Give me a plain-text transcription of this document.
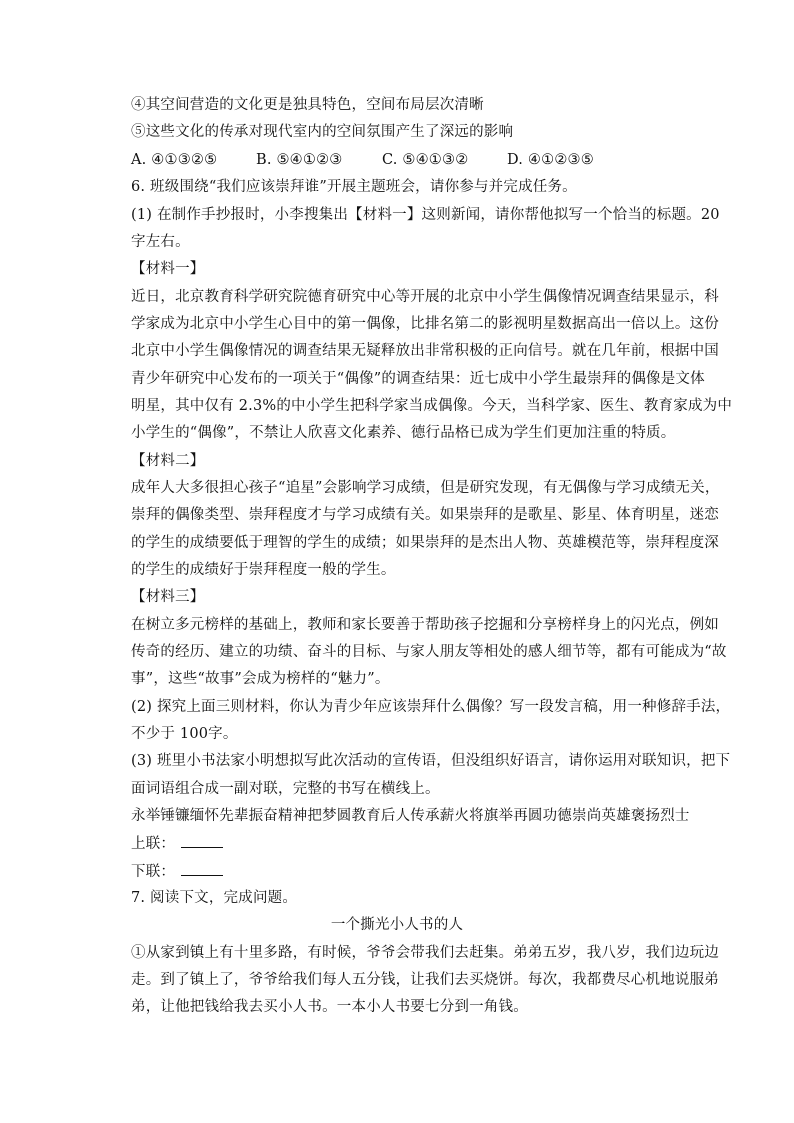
④其空间营造的文化更是独具特色，空间布局层次清晰
⑤这些文化的传承对现代室内的空间氛围产生了深远的影响
A. ④①③②⑤	B. ⑤④①②③	C. ⑤④①③②	D. ④①②③⑤
6. 班级围绕“我们应该崇拜谁”开展主题班会，请你参与并完成任务。
(1) 在制作手抄报时，小李搜集出【材料一】这则新闻，请你帮他拟写一个恰当的标题。20
字左右。
【材料一】
近日，北京教育科学研究院德育研究中心等开展的北京中小学生偶像情况调查结果显示，科
学家成为北京中小学生心目中的第一偶像，比排名第二的影视明星数据高出一倍以上。这份
北京中小学生偶像情况的调查结果无疑释放出非常积极的正向信号。就在几年前，根据中国
青少年研究中心发布的一项关于“偶像”的调查结果：近七成中小学生最崇拜的偶像是文体
明星，其中仅有 2.3%的中小学生把科学家当成偶像。今天，当科学家、医生、教育家成为中
小学生的“偶像”，不禁让人欣喜文化素养、德行品格已成为学生们更加注重的特质。
【材料二】
成年人大多很担心孩子“追星”会影响学习成绩，但是研究发现，有无偶像与学习成绩无关，
崇拜的偶像类型、崇拜程度才与学习成绩有关。如果崇拜的是歌星、影星、体育明星，迷恋
的学生的成绩要低于理智的学生的成绩；如果崇拜的是杰出人物、英雄模范等，崇拜程度深
的学生的成绩好于崇拜程度一般的学生。
【材料三】
在树立多元榜样的基础上，教师和家长要善于帮助孩子挖掘和分享榜样身上的闪光点，例如
传奇的经历、建立的功绩、奋斗的目标、与家人朋友等相处的感人细节等，都有可能成为“故
事”，这些“故事”会成为榜样的“魅力”。
(2) 探究上面三则材料，你认为青少年应该崇拜什么偶像？写一段发言稿，用一种修辞手法，
不少于 100字。
(3) 班里小书法家小明想拟写此次活动的宣传语，但没组织好语言，请你运用对联知识，把下
面词语组合成一副对联，完整的书写在横线上。
永举锤镰缅怀先辈振奋精神把梦圆教育后人传承薪火将旗举再圆功德崇尚英雄褒扬烈士
上联：
下联：
7. 阅读下文，完成问题。
一个撕光小人书的人
①从家到镇上有十里多路，有时候，爷爷会带我们去赶集。弟弟五岁，我八岁，我们边玩边
走。到了镇上了，爷爷给我们每人五分钱，让我们去买烧饼。每次，我都费尽心机地说服弟
弟，让他把钱给我去买小人书。一本小人书要七分到一角钱。
